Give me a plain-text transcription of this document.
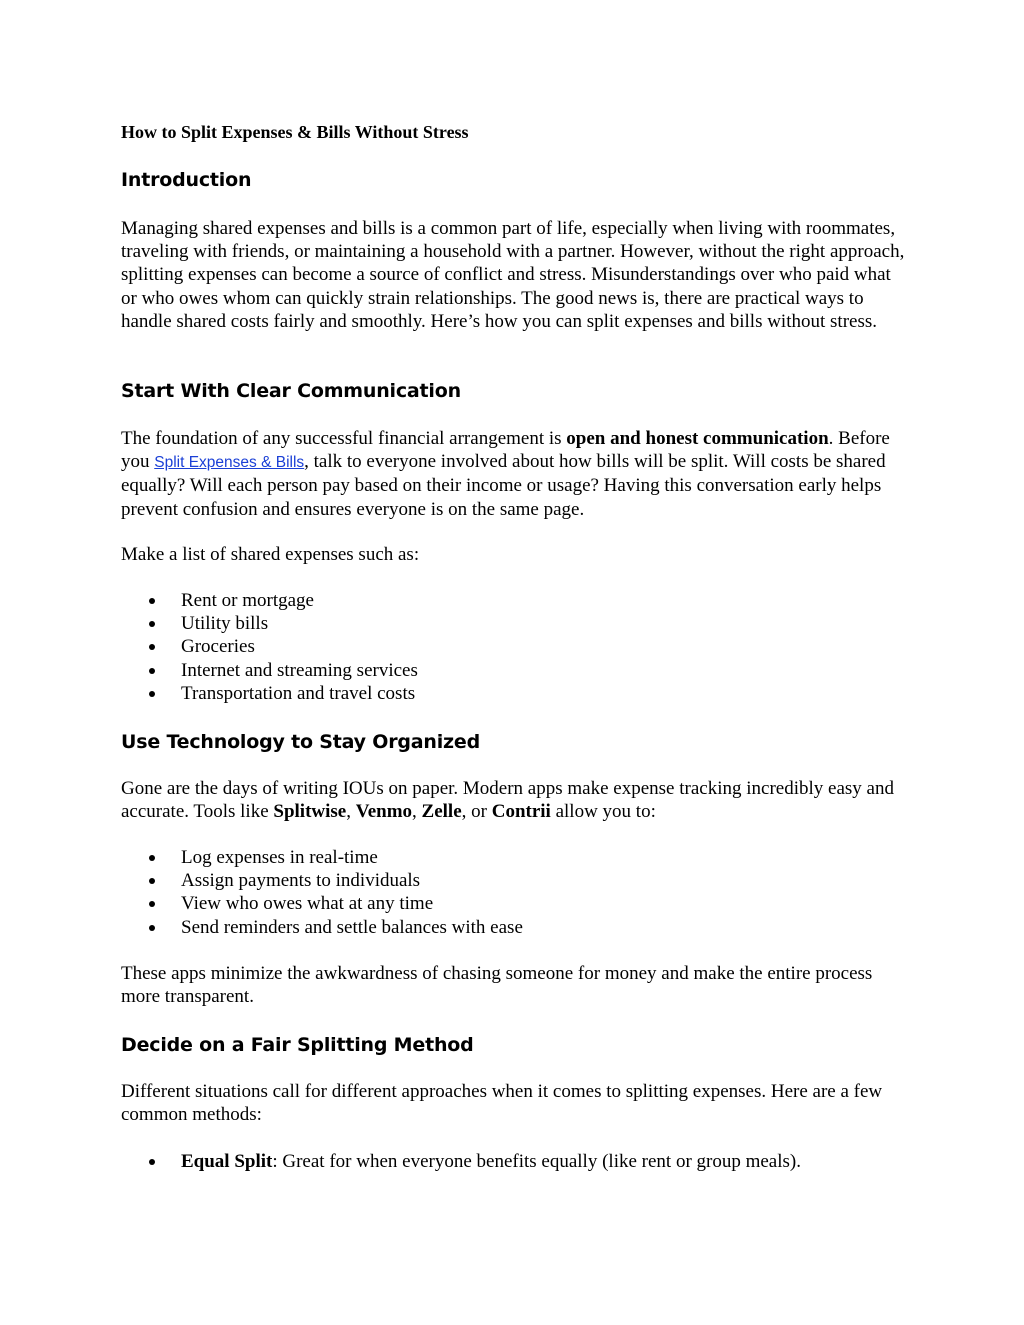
How to Split Expenses & Bills Without Stress
Introduction

Managing shared expenses and bills is a common part of life, especially when living with roommates, traveling with friends, or maintaining a household with a partner. However, without the right approach, splitting expenses can become a source of conflict and stress. Misunderstandings over who paid what or who owes whom can quickly strain relationships. The good news is, there are practical ways to handle shared costs fairly and smoothly. Here’s how you can split expenses and bills without stress.

Start With Clear Communication

The foundation of any successful financial arrangement is open and honest communication. Before you Split Expenses & Bills, talk to everyone involved about how bills will be split. Will costs be shared equally? Will each person pay based on their income or usage? Having this conversation early helps prevent confusion and ensures everyone is on the same page.

Make a list of shared expenses such as:

Rent or mortgage
Utility bills
Groceries
Internet and streaming services
Transportation and travel costs
Use Technology to Stay Organized

Gone are the days of writing IOUs on paper. Modern apps make expense tracking incredibly easy and accurate. Tools like Splitwise, Venmo, Zelle, or Contrii allow you to:

Log expenses in real-time
Assign payments to individuals
View who owes what at any time
Send reminders and settle balances with ease

These apps minimize the awkwardness of chasing someone for money and make the entire process more transparent.

Decide on a Fair Splitting Method

Different situations call for different approaches when it comes to splitting expenses. Here are a few common methods:

Equal Split: Great for when everyone benefits equally (like rent or group meals).
